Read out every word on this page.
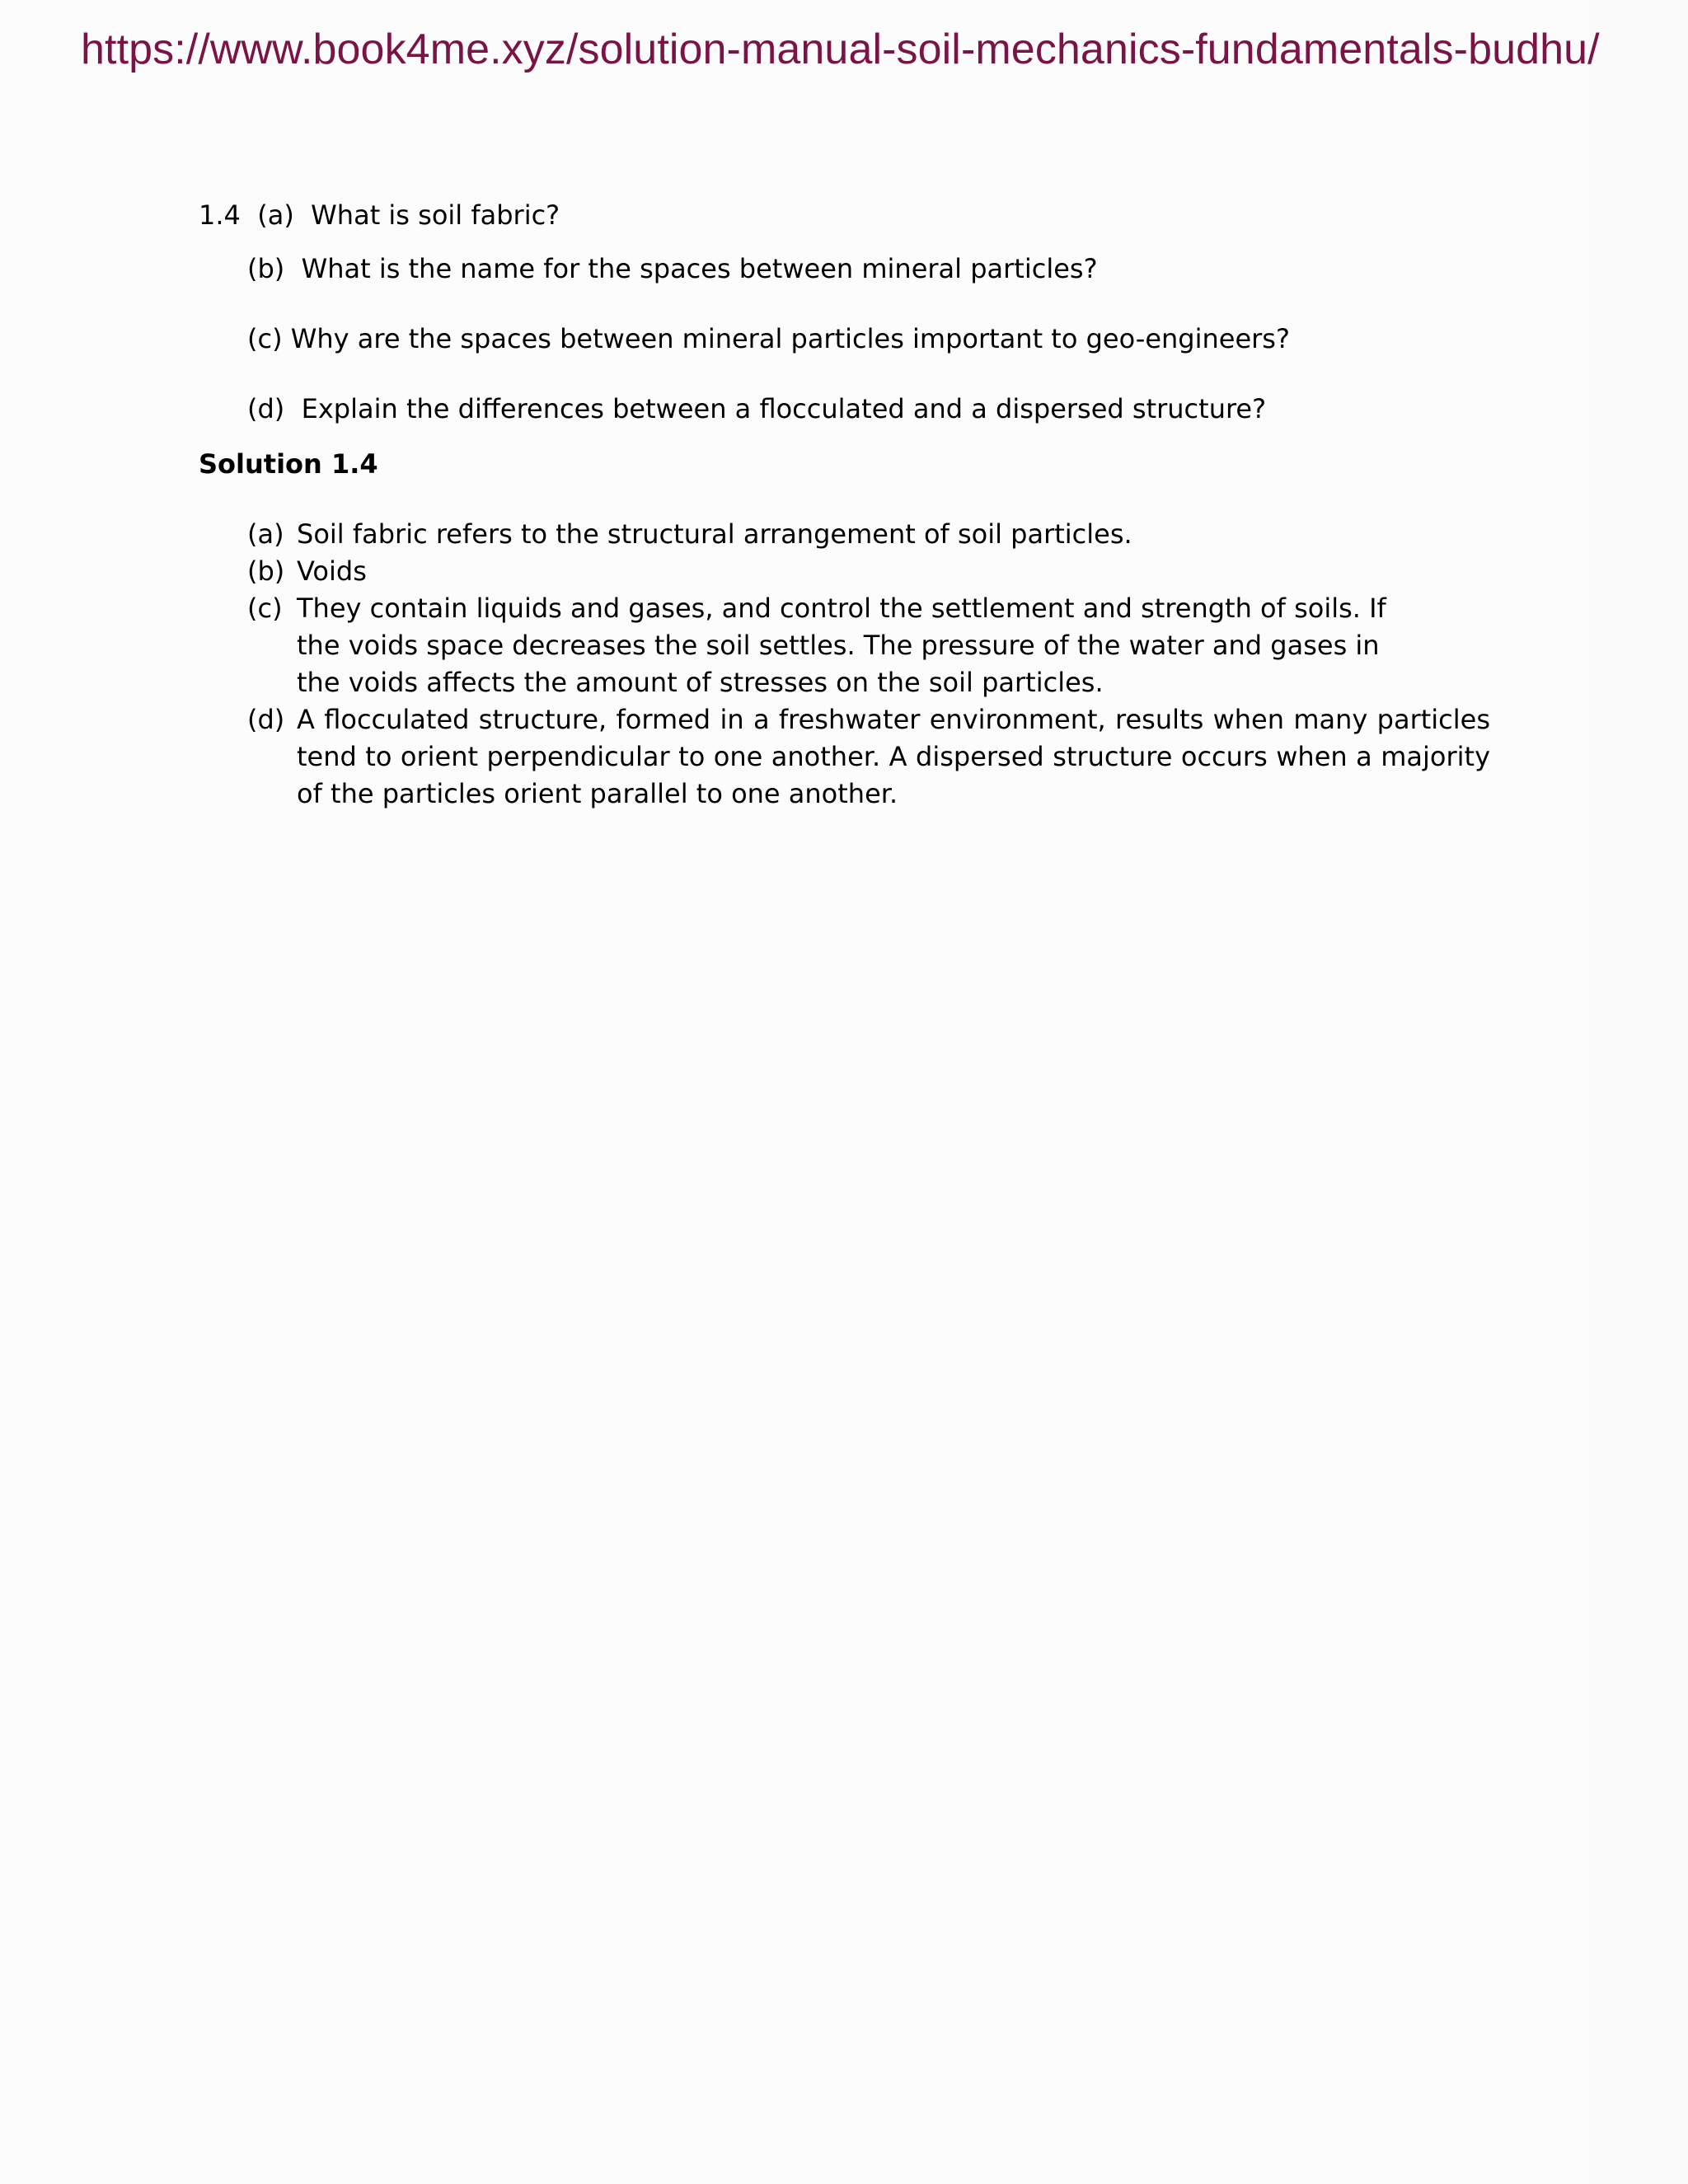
https://www.book4me.xyz/solution-manual-soil-mechanics-fundamentals-budhu/
1.4 (a) What is soil fabric?
(b) What is the name for the spaces between mineral particles?
(c) Why are the spaces between mineral particles important to geo-engineers?
(d) Explain the differences between a flocculated and a dispersed structure?
Solution 1.4
(a) Soil fabric refers to the structural arrangement of soil particles.
(b) Voids
(c) They contain liquids and gases, and control the settlement and strength of soils. If the voids space decreases the soil settles. The pressure of the water and gases in the voids affects the amount of stresses on the soil particles.
(d) A flocculated structure, formed in a freshwater environment, results when many particles tend to orient perpendicular to one another. A dispersed structure occurs when a majority of the particles orient parallel to one another.
